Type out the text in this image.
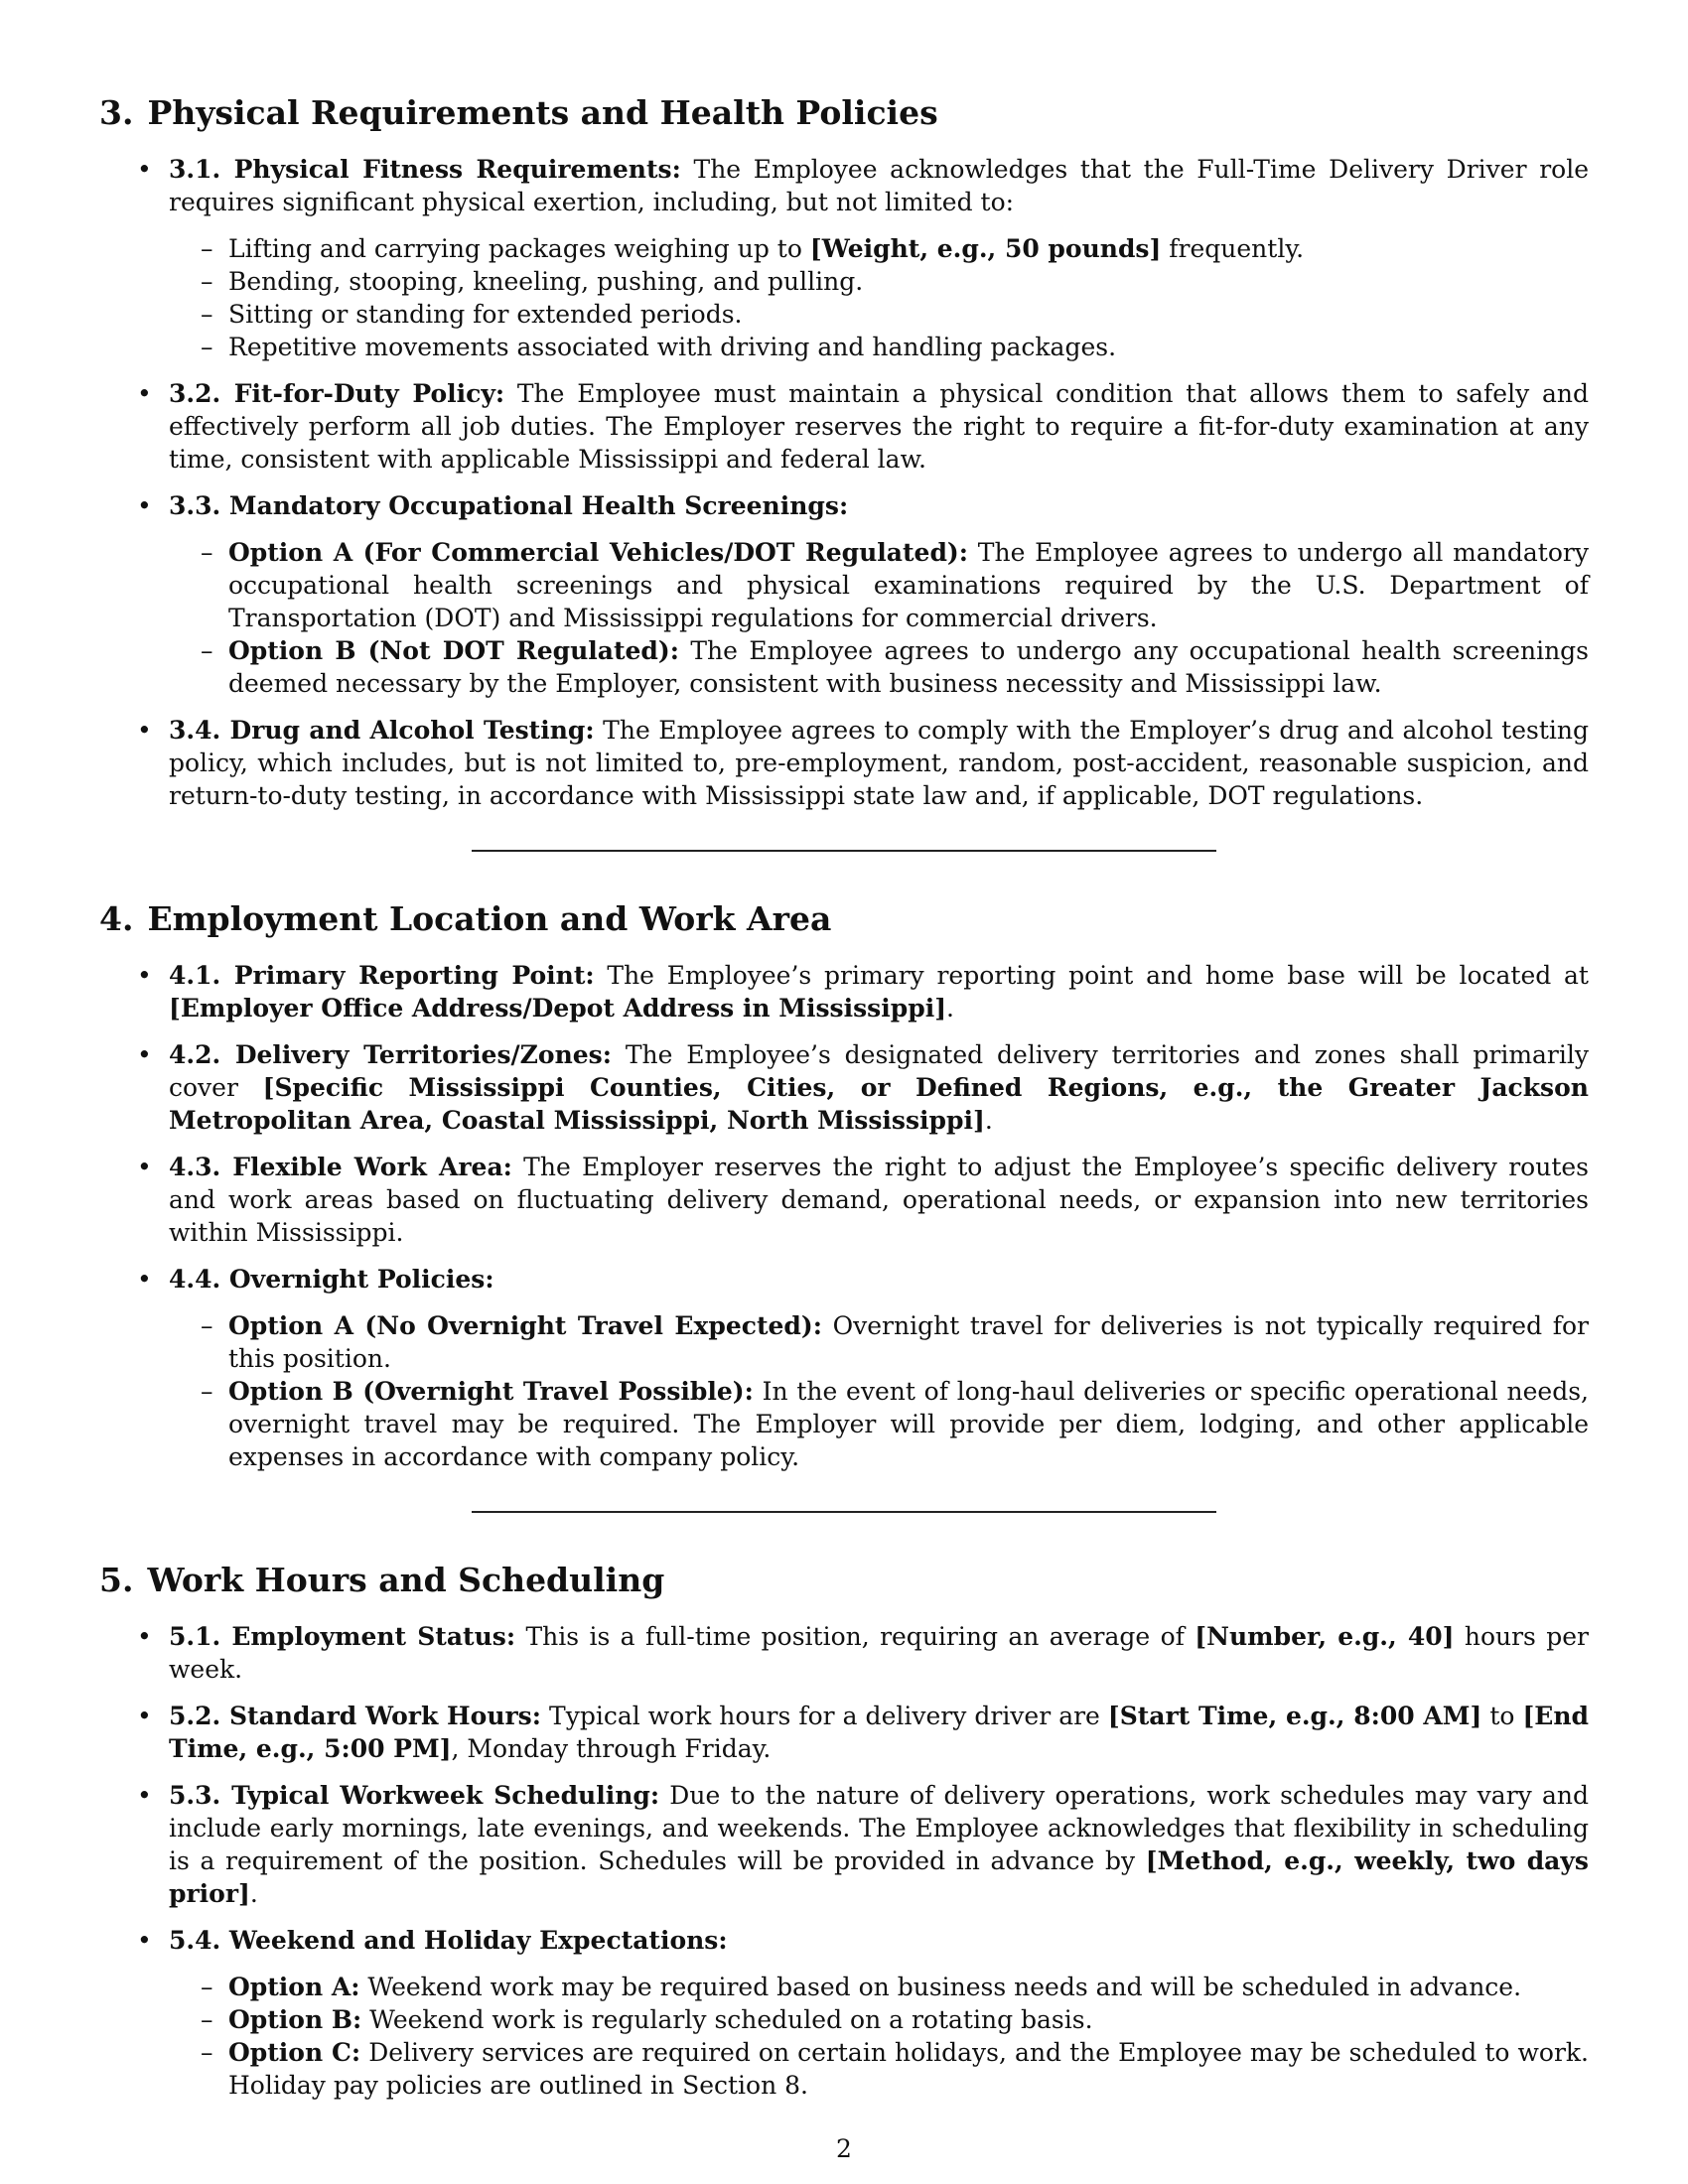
3. Physical Requirements and Health Policies
• 3.1. Physical Fitness Requirements: The Employee acknowledges that the Full-Time Delivery Driver role requires significant physical exertion, including, but not limited to:
– Lifting and carrying packages weighing up to [Weight, e.g., 50 pounds] frequently.
– Bending, stooping, kneeling, pushing, and pulling.
– Sitting or standing for extended periods.
– Repetitive movements associated with driving and handling packages.
• 3.2. Fit-for-Duty Policy: The Employee must maintain a physical condition that allows them to safely and effectively perform all job duties. The Employer reserves the right to require a fit-for-duty examination at any time, consistent with applicable Mississippi and federal law.
• 3.3. Mandatory Occupational Health Screenings:
– Option A (For Commercial Vehicles/DOT Regulated): The Employee agrees to undergo all mandatory occupational health screenings and physical examinations required by the U.S. Department of Transportation (DOT) and Mississippi regulations for commercial drivers.
– Option B (Not DOT Regulated): The Employee agrees to undergo any occupational health screenings deemed necessary by the Employer, consistent with business necessity and Mississippi law.
• 3.4. Drug and Alcohol Testing: The Employee agrees to comply with the Employer’s drug and alcohol testing policy, which includes, but is not limited to, pre-employment, random, post-accident, reasonable suspicion, and return-to-duty testing, in accordance with Mississippi state law and, if applicable, DOT regulations.
4. Employment Location and Work Area
• 4.1. Primary Reporting Point: The Employee’s primary reporting point and home base will be located at [Employer Office Address/Depot Address in Mississippi].
• 4.2. Delivery Territories/Zones: The Employee’s designated delivery territories and zones shall primarily cover [Specific Mississippi Counties, Cities, or Defined Regions, e.g., the Greater Jackson Metropolitan Area, Coastal Mississippi, North Mississippi].
• 4.3. Flexible Work Area: The Employer reserves the right to adjust the Employee’s specific delivery routes and work areas based on fluctuating delivery demand, operational needs, or expansion into new territories within Mississippi.
• 4.4. Overnight Policies:
– Option A (No Overnight Travel Expected): Overnight travel for deliveries is not typically required for this position.
– Option B (Overnight Travel Possible): In the event of long-haul deliveries or specific operational needs, overnight travel may be required. The Employer will provide per diem, lodging, and other applicable expenses in accordance with company policy.
5. Work Hours and Scheduling
• 5.1. Employment Status: This is a full-time position, requiring an average of [Number, e.g., 40] hours per week.
• 5.2. Standard Work Hours: Typical work hours for a delivery driver are [Start Time, e.g., 8:00 AM] to [End Time, e.g., 5:00 PM], Monday through Friday.
• 5.3. Typical Workweek Scheduling: Due to the nature of delivery operations, work schedules may vary and include early mornings, late evenings, and weekends. The Employee acknowledges that flexibility in scheduling is a requirement of the position. Schedules will be provided in advance by [Method, e.g., weekly, two days prior].
• 5.4. Weekend and Holiday Expectations:
– Option A: Weekend work may be required based on business needs and will be scheduled in advance.
– Option B: Weekend work is regularly scheduled on a rotating basis.
– Option C: Delivery services are required on certain holidays, and the Employee may be scheduled to work. Holiday pay policies are outlined in Section 8.
2
